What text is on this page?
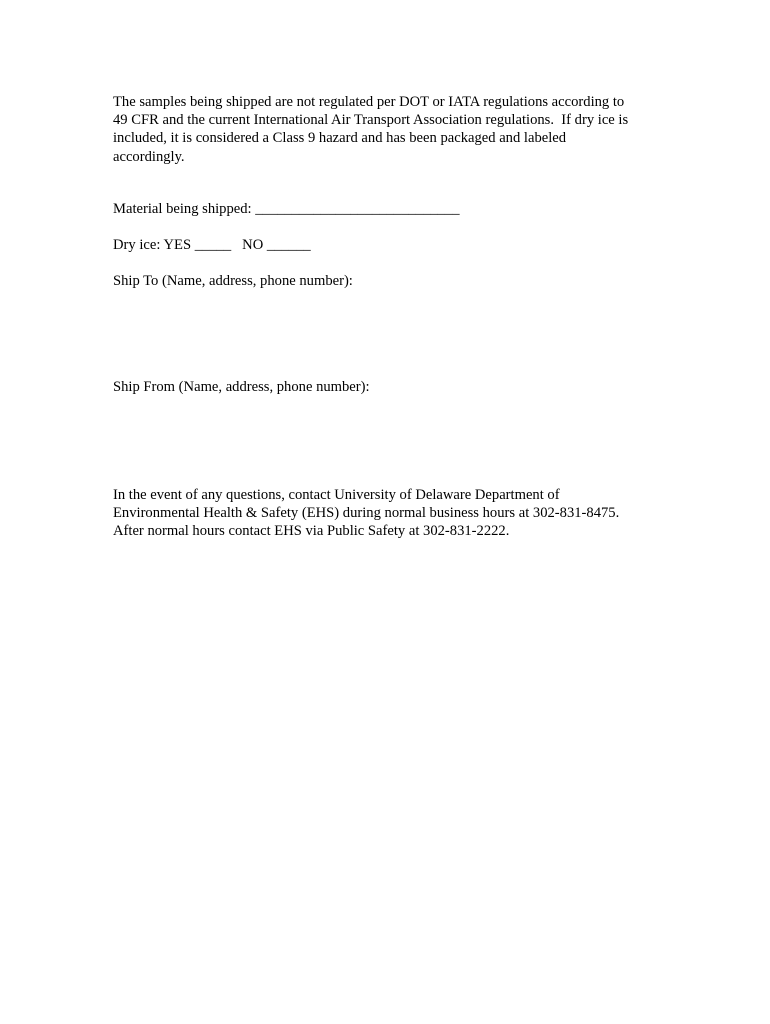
The samples being shipped are not regulated per DOT or IATA regulations according to
49 CFR and the current International Air Transport Association regulations.  If dry ice is
included, it is considered a Class 9 hazard and has been packaged and labeled
accordingly.

Material being shipped: ____________________________

Dry ice: YES _____   NO ______

Ship To (Name, address, phone number):

Ship From (Name, address, phone number):

In the event of any questions, contact University of Delaware Department of
Environmental Health & Safety (EHS) during normal business hours at 302-831-8475.
After normal hours contact EHS via Public Safety at 302-831-2222.
